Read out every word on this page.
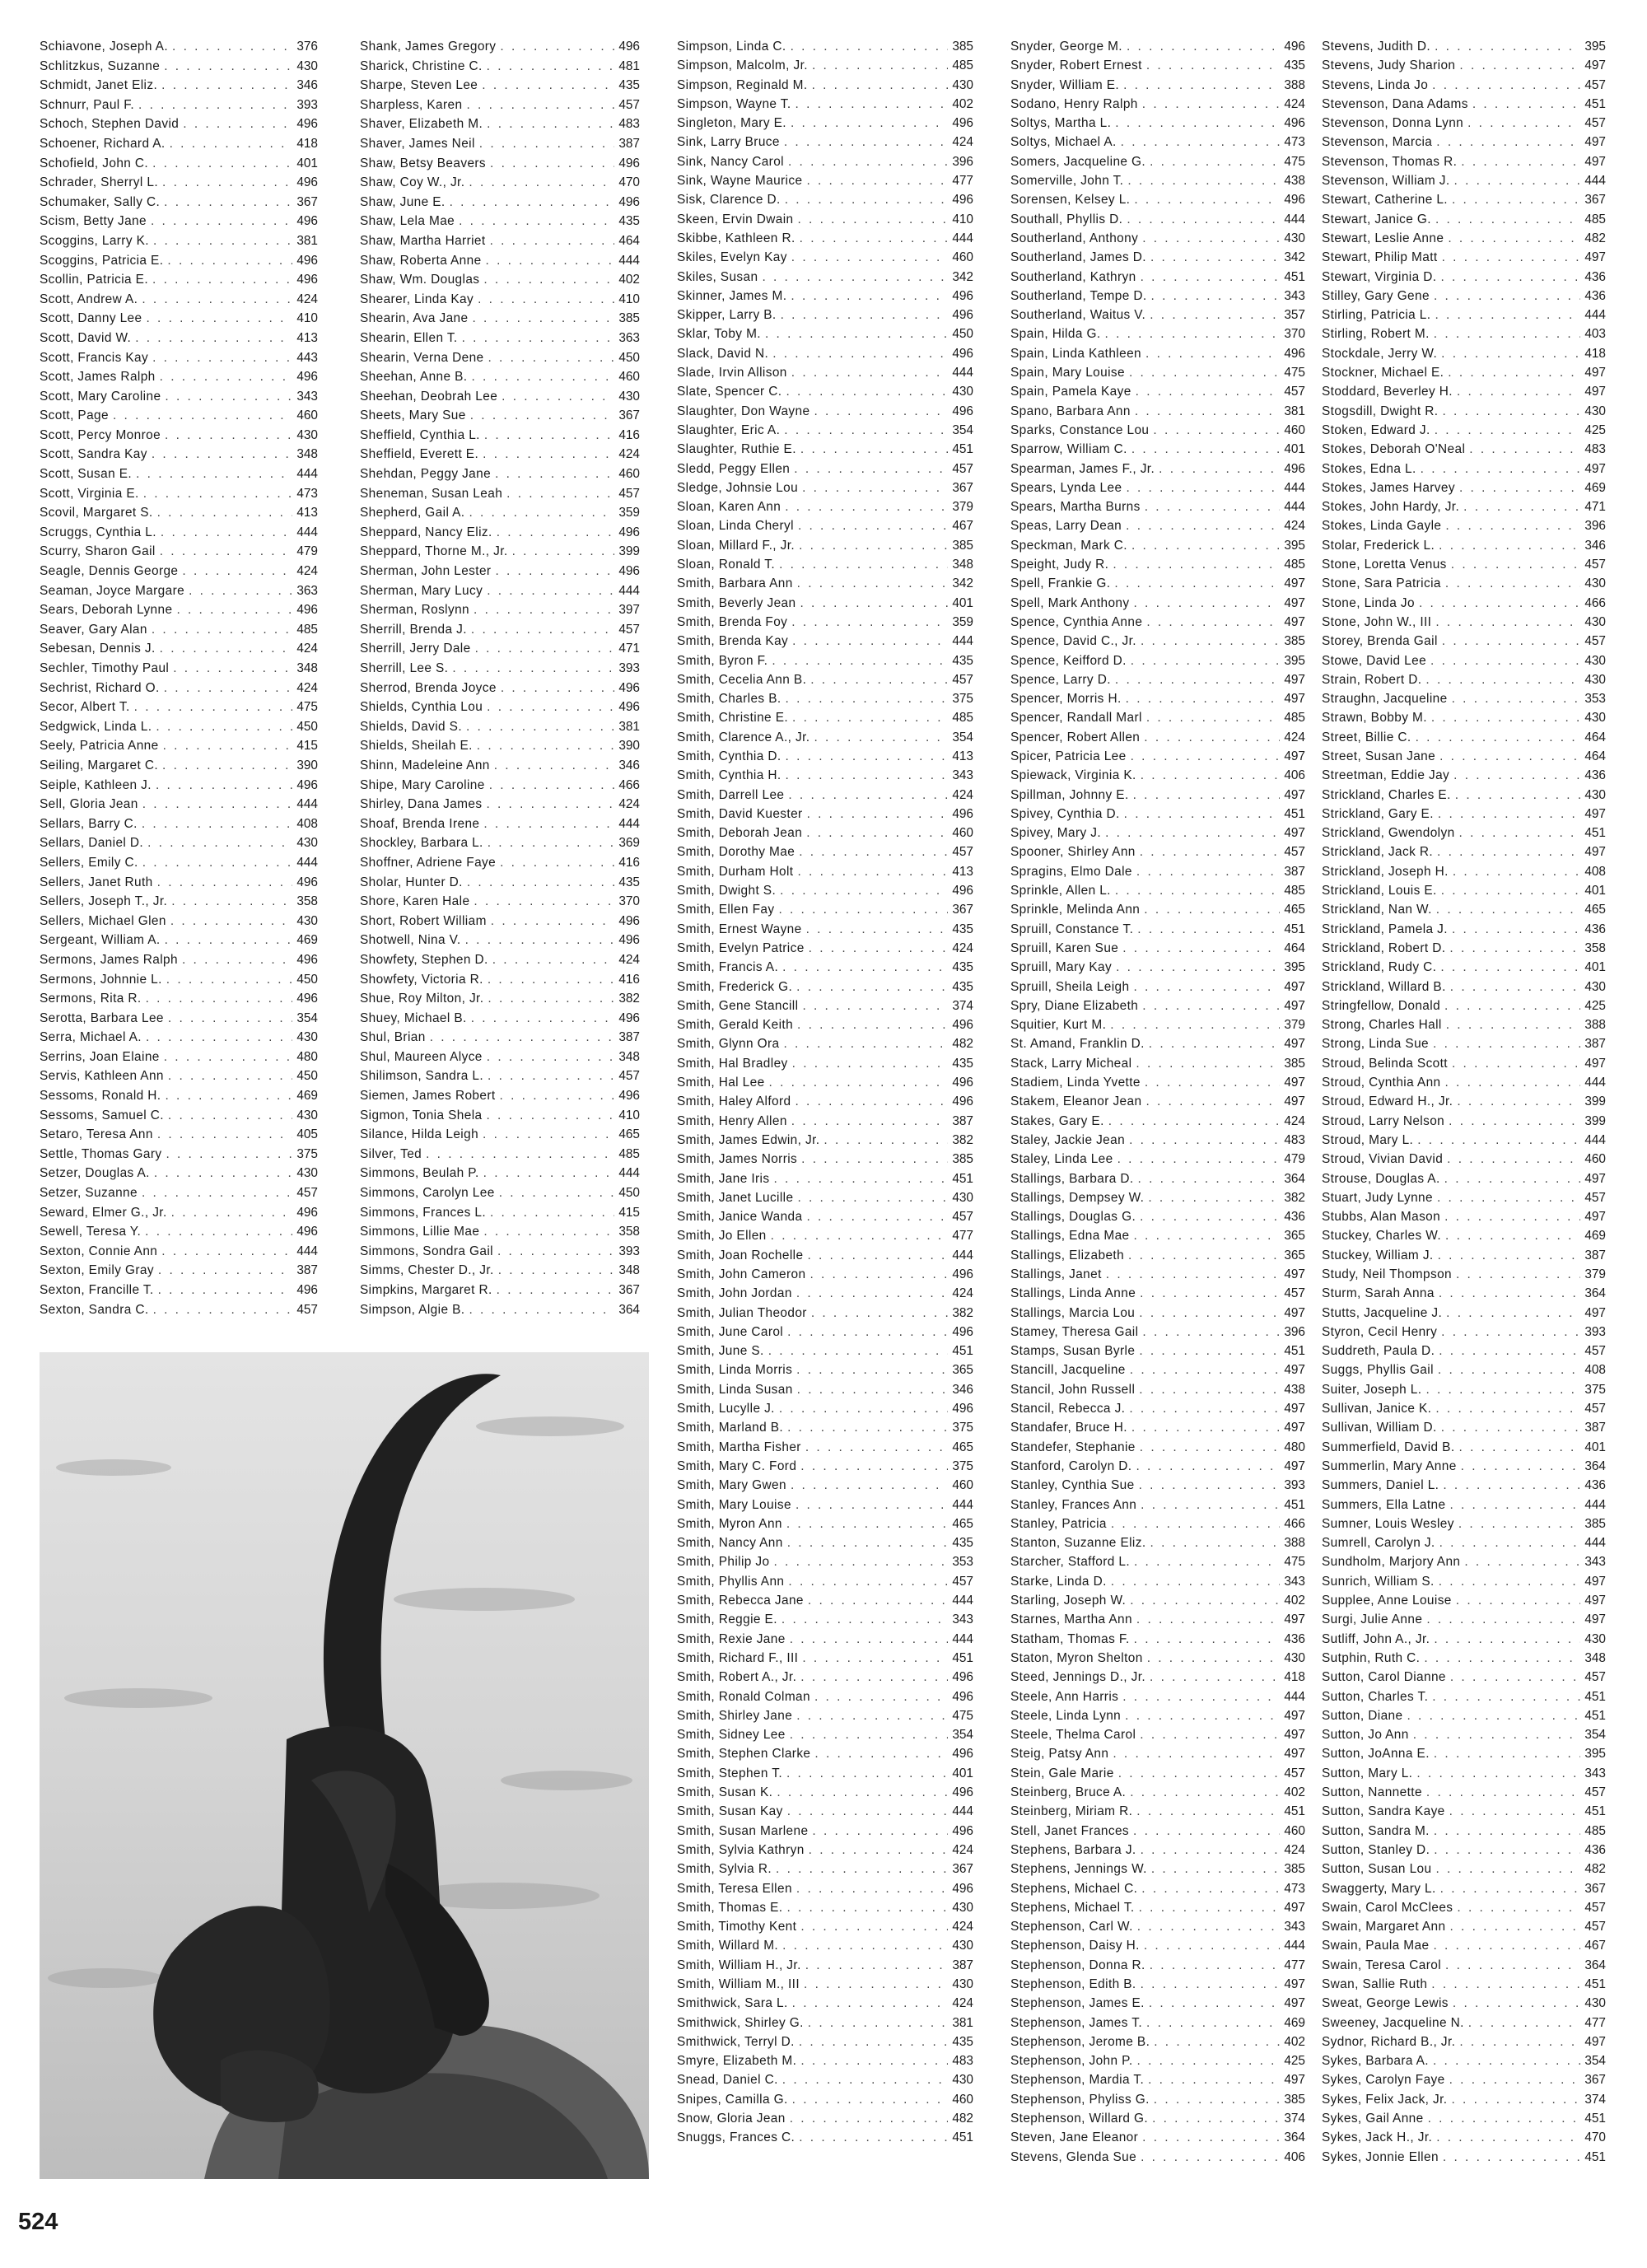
Schiavone, Joseph A. . . .	376
Schlitzkus, Suzanne . . .	430
Schmidt, Janet Eliz. . . .	346
Schnurr, Paul F. . . .	393
Schoch, Stephen David . . .	496
Schoener, Richard A. . . .	418
Schofield, John C. . . .	401
Schrader, Sherryl L. . . .	496
Schumaker, Sally C. . . .	367
Scism, Betty Jane . . .	496
Scoggins, Larry K. . . .	381
Scoggins, Patricia E. . . .	496
Scollin, Patricia E. . . .	496
Scott, Andrew A. . . .	424
Scott, Danny Lee . . .	410
Scott, David W. . . .	413
Scott, Francis Kay . . .	443
Scott, James Ralph . . .	496
Scott, Mary Caroline . . .	343
Scott, Page . . .	460
Scott, Percy Monroe . . .	430
Scott, Sandra Kay . . .	348
Scott, Susan E. . . .	444
Scott, Virginia E. . . .	473
Scovil, Margaret S. . . .	413
Scruggs, Cynthia L. . . .	444
Scurry, Sharon Gail . . .	479
Seagle, Dennis George . . .	424
Seaman, Joyce Margare . . .	363
Sears, Deborah Lynne . . .	496
Seaver, Gary Alan . . .	485
Sebesan, Dennis J. . . .	424
Sechler, Timothy Paul . . .	348
Sechrist, Richard O. . . .	424
Secor, Albert T. . . .	475
Sedgwick, Linda L. . . .	450
Seely, Patricia Anne . . .	415
Seiling, Margaret C. . . .	390
Seiple, Kathleen J. . . .	496
Sell, Gloria Jean . . .	444
Sellars, Barry C. . . .	408
Sellars, Daniel D. . . .	430
Sellers, Emily C. . . .	444
Sellers, Janet Ruth . . .	496
Sellers, Joseph T., Jr. . . .	358
Sellers, Michael Glen . . .	430
Sergeant, William A. . . .	469
Sermons, James Ralph . . .	496
Sermons, Johnnie L. . . .	450
Sermons, Rita R. . . .	496
Serotta, Barbara Lee . . .	354
Serra, Michael A. . . .	430
Serrins, Joan Elaine . . .	480
Servis, Kathleen Ann . . .	450
Sessoms, Ronald H. . . .	469
Sessoms, Samuel C. . . .	430
Setaro, Teresa Ann . . .	405
Settle, Thomas Gary . . .	375
Setzer, Douglas A. . . .	430
Setzer, Suzanne . . .	457
Seward, Elmer G., Jr. . . .	496
Sewell, Teresa Y. . . .	496
Sexton, Connie Ann . . .	444
Sexton, Emily Gray . . .	387
Sexton, Francille T. . . .	496
Sexton, Sandra C. . . .	457
Shank, James Gregory . . .	496
Sharick, Christine C. . . .	481
Sharpe, Steven Lee . . .	435
Sharpless, Karen . . .	457
Shaver, Elizabeth M. . . .	483
Shaver, James Neil . . .	387
Shaw, Betsy Beavers . . .	496
Shaw, Coy W., Jr. . . .	470
Shaw, June E. . . .	496
Shaw, Lela Mae . . .	435
Shaw, Martha Harriet . . .	464
Shaw, Roberta Anne . . .	444
Shaw, Wm. Douglas . . .	402
Shearer, Linda Kay . . .	410
Shearin, Ava Jane . . .	385
Shearin, Ellen T. . . .	363
Shearin, Verna Dene . . .	450
Sheehan, Anne B. . . .	460
Sheehan, Deobrah Lee . . .	430
Sheets, Mary Sue . . .	367
Sheffield, Cynthia L. . . .	416
Sheffield, Everett E. . . .	424
Shehdan, Peggy Jane . . .	460
Sheneman, Susan Leah . . .	457
Shepherd, Gail A. . . .	359
Sheppard, Nancy Eliz. . . .	496
Sheppard, Thorne M., Jr. . . .	399
Sherman, John Lester . . .	496
Sherman, Mary Lucy . . .	444
Sherman, Roslynn . . .	397
Sherrill, Brenda J. . . .	457
Sherrill, Jerry Dale . . .	471
Sherrill, Lee S. . . .	393
Sherrod, Brenda Joyce . . .	496
Shields, Cynthia Lou . . .	496
Shields, David S. . . .	381
Shields, Sheilah E. . . .	390
Shinn, Madeleine Ann . . .	346
Shipe, Mary Caroline . . .	466
Shirley, Dana James . . .	424
Shoaf, Brenda Irene . . .	444
Shockley, Barbara L. . . .	369
Shoffner, Adriene Faye . . .	416
Sholar, Hunter D. . . .	435
Shore, Karen Hale . . .	370
Short, Robert William . . .	496
Shotwell, Nina V. . . .	496
Showfety, Stephen D. . . .	424
Showfety, Victoria R. . . .	416
Shue, Roy Milton, Jr. . . .	382
Shuey, Michael B. . . .	496
Shul, Brian . . .	387
Shul, Maureen Alyce . . .	348
Shilimson, Sandra L. . . .	457
Siemen, James Robert . . .	496
Sigmon, Tonia Shela . . .	410
Silance, Hilda Leigh . . .	465
Silver, Ted . . .	485
Simmons, Beulah P. . . .	444
Simmons, Carolyn Lee . . .	450
Simmons, Frances L. . . .	415
Simmons, Lillie Mae . . .	358
Simmons, Sondra Gail . . .	393
Simms, Chester D., Jr. . . .	348
Simpkins, Margaret R. . . .	367
Simpson, Algie B. . . .	364
Simpson, Linda C. . . .	385
Simpson, Malcolm, Jr. . . .	485
Simpson, Reginald M. . . .	430
Simpson, Wayne T. . . .	402
Singleton, Mary E. . . .	496
Sink, Larry Bruce . . .	424
Sink, Nancy Carol . . .	396
Sink, Wayne Maurice . . .	477
Sisk, Clarence D. . . .	496
Skeen, Ervin Dwain . . .	410
Skibbe, Kathleen R. . . .	444
Skiles, Evelyn Kay . . .	460
Skiles, Susan . . .	342
Skinner, James M. . . .	496
Skipper, Larry B. . . .	496
Sklar, Toby M. . . .	450
Slack, David N. . . .	496
Slade, Irvin Allison . . .	444
Slate, Spencer C. . . .	430
Slaughter, Don Wayne . . .	496
Slaughter, Eric A. . . .	354
Slaughter, Ruthie E. . . .	451
Sledd, Peggy Ellen . . .	457
Sledge, Johnsie Lou . . .	367
Sloan, Karen Ann . . .	379
Sloan, Linda Cheryl . . .	467
Sloan, Millard F., Jr. . . .	385
Sloan, Ronald T. . . .	348
Smith, Barbara Ann . . .	342
Smith, Beverly Jean . . .	401
Smith, Brenda Foy . . .	359
Smith, Brenda Kay . . .	444
Smith, Byron F. . . .	435
Smith, Cecelia Ann B. . . .	457
Smith, Charles B. . . .	375
Smith, Christine E. . . .	485
Smith, Clarence A., Jr. . . .	354
Smith, Cynthia D. . . .	413
Smith, Cynthia H. . . .	343
Smith, Darrell Lee . . .	424
Smith, David Kuester . . .	496
Smith, Deborah Jean . . .	460
Smith, Dorothy Mae . . .	457
Smith, Durham Holt . . .	413
Smith, Dwight S. . . .	496
Smith, Ellen Fay . . .	367
Smith, Ernest Wayne . . .	435
Smith, Evelyn Patrice . . .	424
Smith, Francis A. . . .	435
Smith, Frederick G. . . .	435
Smith, Gene Stancill . . .	374
Smith, Gerald Keith . . .	496
Smith, Glynn Ora . . .	482
Smith, Hal Bradley . . .	435
Smith, Hal Lee . . .	496
Smith, Haley Alford . . .	496
Smith, Henry Allen . . .	387
Smith, James Edwin, Jr. . . .	382
Smith, James Norris . . .	385
Smith, Jane Iris . . .	451
Smith, Janet Lucille . . .	430
Smith, Janice Wanda . . .	457
Smith, Jo Ellen . . .	477
Smith, Joan Rochelle . . .	444
Smith, John Cameron . . .	496
Smith, John Jordan . . .	424
Smith, Julian Theodor . . .	382
Smith, June Carol . . .	496
Smith, June S. . . .	451
Smith, Linda Morris . . .	365
Smith, Linda Susan . . .	346
Smith, Lucylle J. . . .	496
Smith, Marland B. . . .	375
Smith, Martha Fisher . . .	465
Smith, Mary C. Ford . . .	375
Smith, Mary Gwen . . .	460
Smith, Mary Louise . . .	444
Smith, Myron Ann . . .	465
Smith, Nancy Ann . . .	435
Smith, Philip Jo . . .	353
Smith, Phyllis Ann . . .	457
Smith, Rebecca Jane . . .	444
Smith, Reggie E. . . .	343
Smith, Rexie Jane . . .	444
Smith, Richard F., III . . .	451
Smith, Robert A., Jr. . . .	496
Smith, Ronald Colman . . .	496
Smith, Shirley Jane . . .	475
Smith, Sidney Lee . . .	354
Smith, Stephen Clarke . . .	496
Smith, Stephen T. . . .	401
Smith, Susan K. . . .	496
Smith, Susan Kay . . .	444
Smith, Susan Marlene . . .	496
Smith, Sylvia Kathryn . . .	424
Smith, Sylvia R. . . .	367
Smith, Teresa Ellen . . .	496
Smith, Thomas E. . . .	430
Smith, Timothy Kent . . .	424
Smith, Willard M. . . .	430
Smith, William H., Jr. . . .	387
Smith, William M., III . . .	430
Smithwick, Sara L. . . .	424
Smithwick, Shirley G. . . .	381
Smithwick, Terryl D. . . .	435
Smyre, Elizabeth M. . . .	483
Snead, Daniel C. . . .	430
Snipes, Camilla G. . . .	460
Snow, Gloria Jean . . .	482
Snuggs, Frances C. . . .	451
Snyder, George M. . . .	496
Snyder, Robert Ernest . . .	435
Snyder, William E. . . .	388
Sodano, Henry Ralph . . .	424
Soltys, Martha L. . . .	496
Soltys, Michael A. . . .	473
Somers, Jacqueline G. . . .	475
Somerville, John T. . . .	438
Sorensen, Kelsey L. . . .	496
Southall, Phyllis D. . . .	444
Southerland, Anthony . . .	430
Southerland, James D. . . .	342
Southerland, Kathryn . . .	451
Southerland, Tempe D. . . .	343
Southerland, Waitus V. . . .	357
Spain, Hilda G. . . .	370
Spain, Linda Kathleen . . .	496
Spain, Mary Louise . . .	475
Spain, Pamela Kaye . . .	457
Spano, Barbara Ann . . .	381
Sparks, Constance Lou . . .	460
Sparrow, William C. . . .	401
Spearman, James F., Jr. . . .	496
Spears, Lynda Lee . . .	444
Spears, Martha Burns . . .	444
Speas, Larry Dean . . .	424
Speckman, Mark C. . . .	395
Speight, Judy R. . . .	485
Spell, Frankie G. . . .	497
Spell, Mark Anthony . . .	497
Spence, Cynthia Anne . . .	497
Spence, David C., Jr. . . .	385
Spence, Keifford D. . . .	395
Spence, Larry D. . . .	497
Spencer, Morris H. . . .	497
Spencer, Randall Marl . . .	485
Spencer, Robert Allen . . .	424
Spicer, Patricia Lee . . .	497
Spiewack, Virginia K. . . .	406
Spillman, Johnny E. . . .	497
Spivey, Cynthia D. . . .	451
Spivey, Mary J. . . .	497
Spooner, Shirley Ann . . .	457
Spragins, Elmo Dale . . .	387
Sprinkle, Allen L. . . .	485
Sprinkle, Melinda Ann . . .	465
Spruill, Constance T. . . .	451
Spruill, Karen Sue . . .	464
Spruill, Mary Kay . . .	395
Spruill, Sheila Leigh . . .	497
Spry, Diane Elizabeth . . .	497
Squitier, Kurt M. . . .	379
St. Amand, Franklin D. . . .	497
Stack, Larry Micheal . . .	385
Stadiem, Linda Yvette . . .	497
Stakem, Eleanor Jean . . .	497
Stakes, Gary E. . . .	424
Staley, Jackie Jean . . .	483
Staley, Linda Lee . . .	479
Stallings, Barbara D. . . .	364
Stallings, Dempsey W. . . .	382
Stallings, Douglas G. . . .	436
Stallings, Edna Mae . . .	365
Stallings, Elizabeth . . .	365
Stallings, Janet . . .	497
Stallings, Linda Anne . . .	457
Stallings, Marcia Lou . . .	497
Stamey, Theresa Gail . . .	396
Stamps, Susan Byrle . . .	451
Stancill, Jacqueline . . .	497
Stancil, John Russell . . .	438
Stancil, Rebecca J. . . .	497
Standafer, Bruce H. . . .	497
Standefer, Stephanie . . .	480
Stanford, Carolyn D. . . .	497
Stanley, Cynthia Sue . . .	393
Stanley, Frances Ann . . .	451
Stanley, Patricia . . .	466
Stanton, Suzanne Eliz. . . .	388
Starcher, Stafford L. . . .	475
Starke, Linda D. . . .	343
Starling, Joseph W. . . .	402
Starnes, Martha Ann . . .	497
Statham, Thomas F. . . .	436
Staton, Myron Shelton . . .	430
Steed, Jennings D., Jr. . . .	418
Steele, Ann Harris . . .	444
Steele, Linda Lynn . . .	497
Steele, Thelma Carol . . .	497
Steig, Patsy Ann . . .	497
Stein, Gale Marie . . .	457
Steinberg, Bruce A. . . .	402
Steinberg, Miriam R. . . .	451
Stell, Janet Frances . . .	460
Stephens, Barbara J. . . .	424
Stephens, Jennings W. . . .	385
Stephens, Michael C. . . .	473
Stephens, Michael T. . . .	497
Stephenson, Carl W. . . .	343
Stephenson, Daisy H. . . .	444
Stephenson, Donna R. . . .	477
Stephenson, Edith B. . . .	497
Stephenson, James E. . . .	497
Stephenson, James T. . . .	469
Stephenson, Jerome B. . . .	402
Stephenson, John P. . . .	425
Stephenson, Mardia T. . . .	497
Stephenson, Phyliss G. . . .	385
Stephenson, Willard G. . . .	374
Steven, Jane Eleanor . . .	364
Stevens, Glenda Sue . . .	406
Stevens, Judith D. . . .	395
Stevens, Judy Sharion . . .	497
Stevens, Linda Jo . . .	457
Stevenson, Dana Adams . . .	451
Stevenson, Donna Lynn . . .	457
Stevenson, Marcia . . .	497
Stevenson, Thomas R. . . .	497
Stevenson, William J. . . .	444
Stewart, Catherine L. . . .	367
Stewart, Janice G. . . .	485
Stewart, Leslie Anne . . .	482
Stewart, Philip Matt . . .	497
Stewart, Virginia D. . . .	436
Stilley, Gary Gene . . .	436
Stirling, Patricia L. . . .	444
Stirling, Robert M. . . .	403
Stockdale, Jerry W. . . .	418
Stockner, Michael E. . . .	497
Stoddard, Beverley H. . . .	497
Stogsdill, Dwight R. . . .	430
Stoken, Edward J. . . .	425
Stokes, Deborah O'Neal . . .	483
Stokes, Edna L. . . .	497
Stokes, James Harvey . . .	469
Stokes, John Hardy, Jr. . . .	471
Stokes, Linda Gayle . . .	396
Stolar, Frederick L. . . .	346
Stone, Loretta Venus . . .	457
Stone, Sara Patricia . . .	430
Stone, Linda Jo . . .	466
Stone, John W., III . . .	430
Storey, Brenda Gail . . .	457
Stowe, David Lee . . .	430
Strain, Robert D. . . .	430
Straughn, Jacqueline . . .	353
Strawn, Bobby M. . . .	430
Street, Billie C. . . .	464
Street, Susan Jane . . .	464
Streetman, Eddie Jay . . .	436
Strickland, Charles E. . . .	430
Strickland, Gary E. . . .	497
Strickland, Gwendolyn . . .	451
Strickland, Jack R. . . .	497
Strickland, Joseph H. . . .	408
Strickland, Louis E. . . .	401
Strickland, Nan W. . . .	465
Strickland, Pamela J. . . .	436
Strickland, Robert D. . . .	358
Strickland, Rudy C. . . .	401
Strickland, Willard B. . . .	430
Stringfellow, Donald . . .	425
Strong, Charles Hall . . .	388
Strong, Linda Sue . . .	387
Stroud, Belinda Scott . . .	497
Stroud, Cynthia Ann . . .	444
Stroud, Edward H., Jr. . . .	399
Stroud, Larry Nelson . . .	399
Stroud, Mary L. . . .	444
Stroud, Vivian David . . .	460
Strouse, Douglas A. . . .	497
Stuart, Judy Lynne . . .	457
Stubbs, Alan Mason . . .	497
Stuckey, Charles W. . . .	469
Stuckey, William J. . . .	387
Study, Neil Thompson . . .	379
Sturm, Sarah Anna . . .	364
Stutts, Jacqueline J. . . .	497
Styron, Cecil Henry . . .	393
Suddreth, Paula D. . . .	457
Suggs, Phyllis Gail . . .	408
Suiter, Joseph L. . . .	375
Sullivan, Janice K. . . .	457
Sullivan, William D. . . .	387
Summerfield, David B. . . .	401
Summerlin, Mary Anne . . .	364
Summers, Daniel L. . . .	436
Summers, Ella Latne . . .	444
Sumner, Louis Wesley . . .	385
Sumrell, Carolyn J. . . .	444
Sundholm, Marjory Ann . . .	343
Sunrich, William S. . . .	497
Supplee, Anne Louise . . .	497
Surgi, Julie Anne . . .	497
Sutliff, John A., Jr. . . .	430
Sutphin, Ruth C. . . .	348
Sutton, Carol Dianne . . .	457
Sutton, Charles T. . . .	451
Sutton, Diane . . .	451
Sutton, Jo Ann . . .	354
Sutton, JoAnna E. . . .	395
Sutton, Mary L. . . .	343
Sutton, Nannette . . .	457
Sutton, Sandra Kaye . . .	451
Sutton, Sandra M. . . .	485
Sutton, Stanley D. . . .	436
Sutton, Susan Lou . . .	482
Swaggerty, Mary L. . . .	367
Swain, Carol McClees . . .	457
Swain, Margaret Ann . . .	457
Swain, Paula Mae . . .	467
Swain, Teresa Carol . . .	364
Swan, Sallie Ruth . . .	451
Sweat, George Lewis . . .	430
Sweeney, Jacqueline N. . . .	477
Sydnor, Richard B., Jr. . . .	497
Sykes, Barbara A. . . .	354
Sykes, Carolyn Faye . . .	367
Sykes, Felix Jack, Jr. . . .	374
Sykes, Gail Anne . . .	451
Sykes, Jack H., Jr. . . .	470
Sykes, Jonnie Ellen . . .	451
524
